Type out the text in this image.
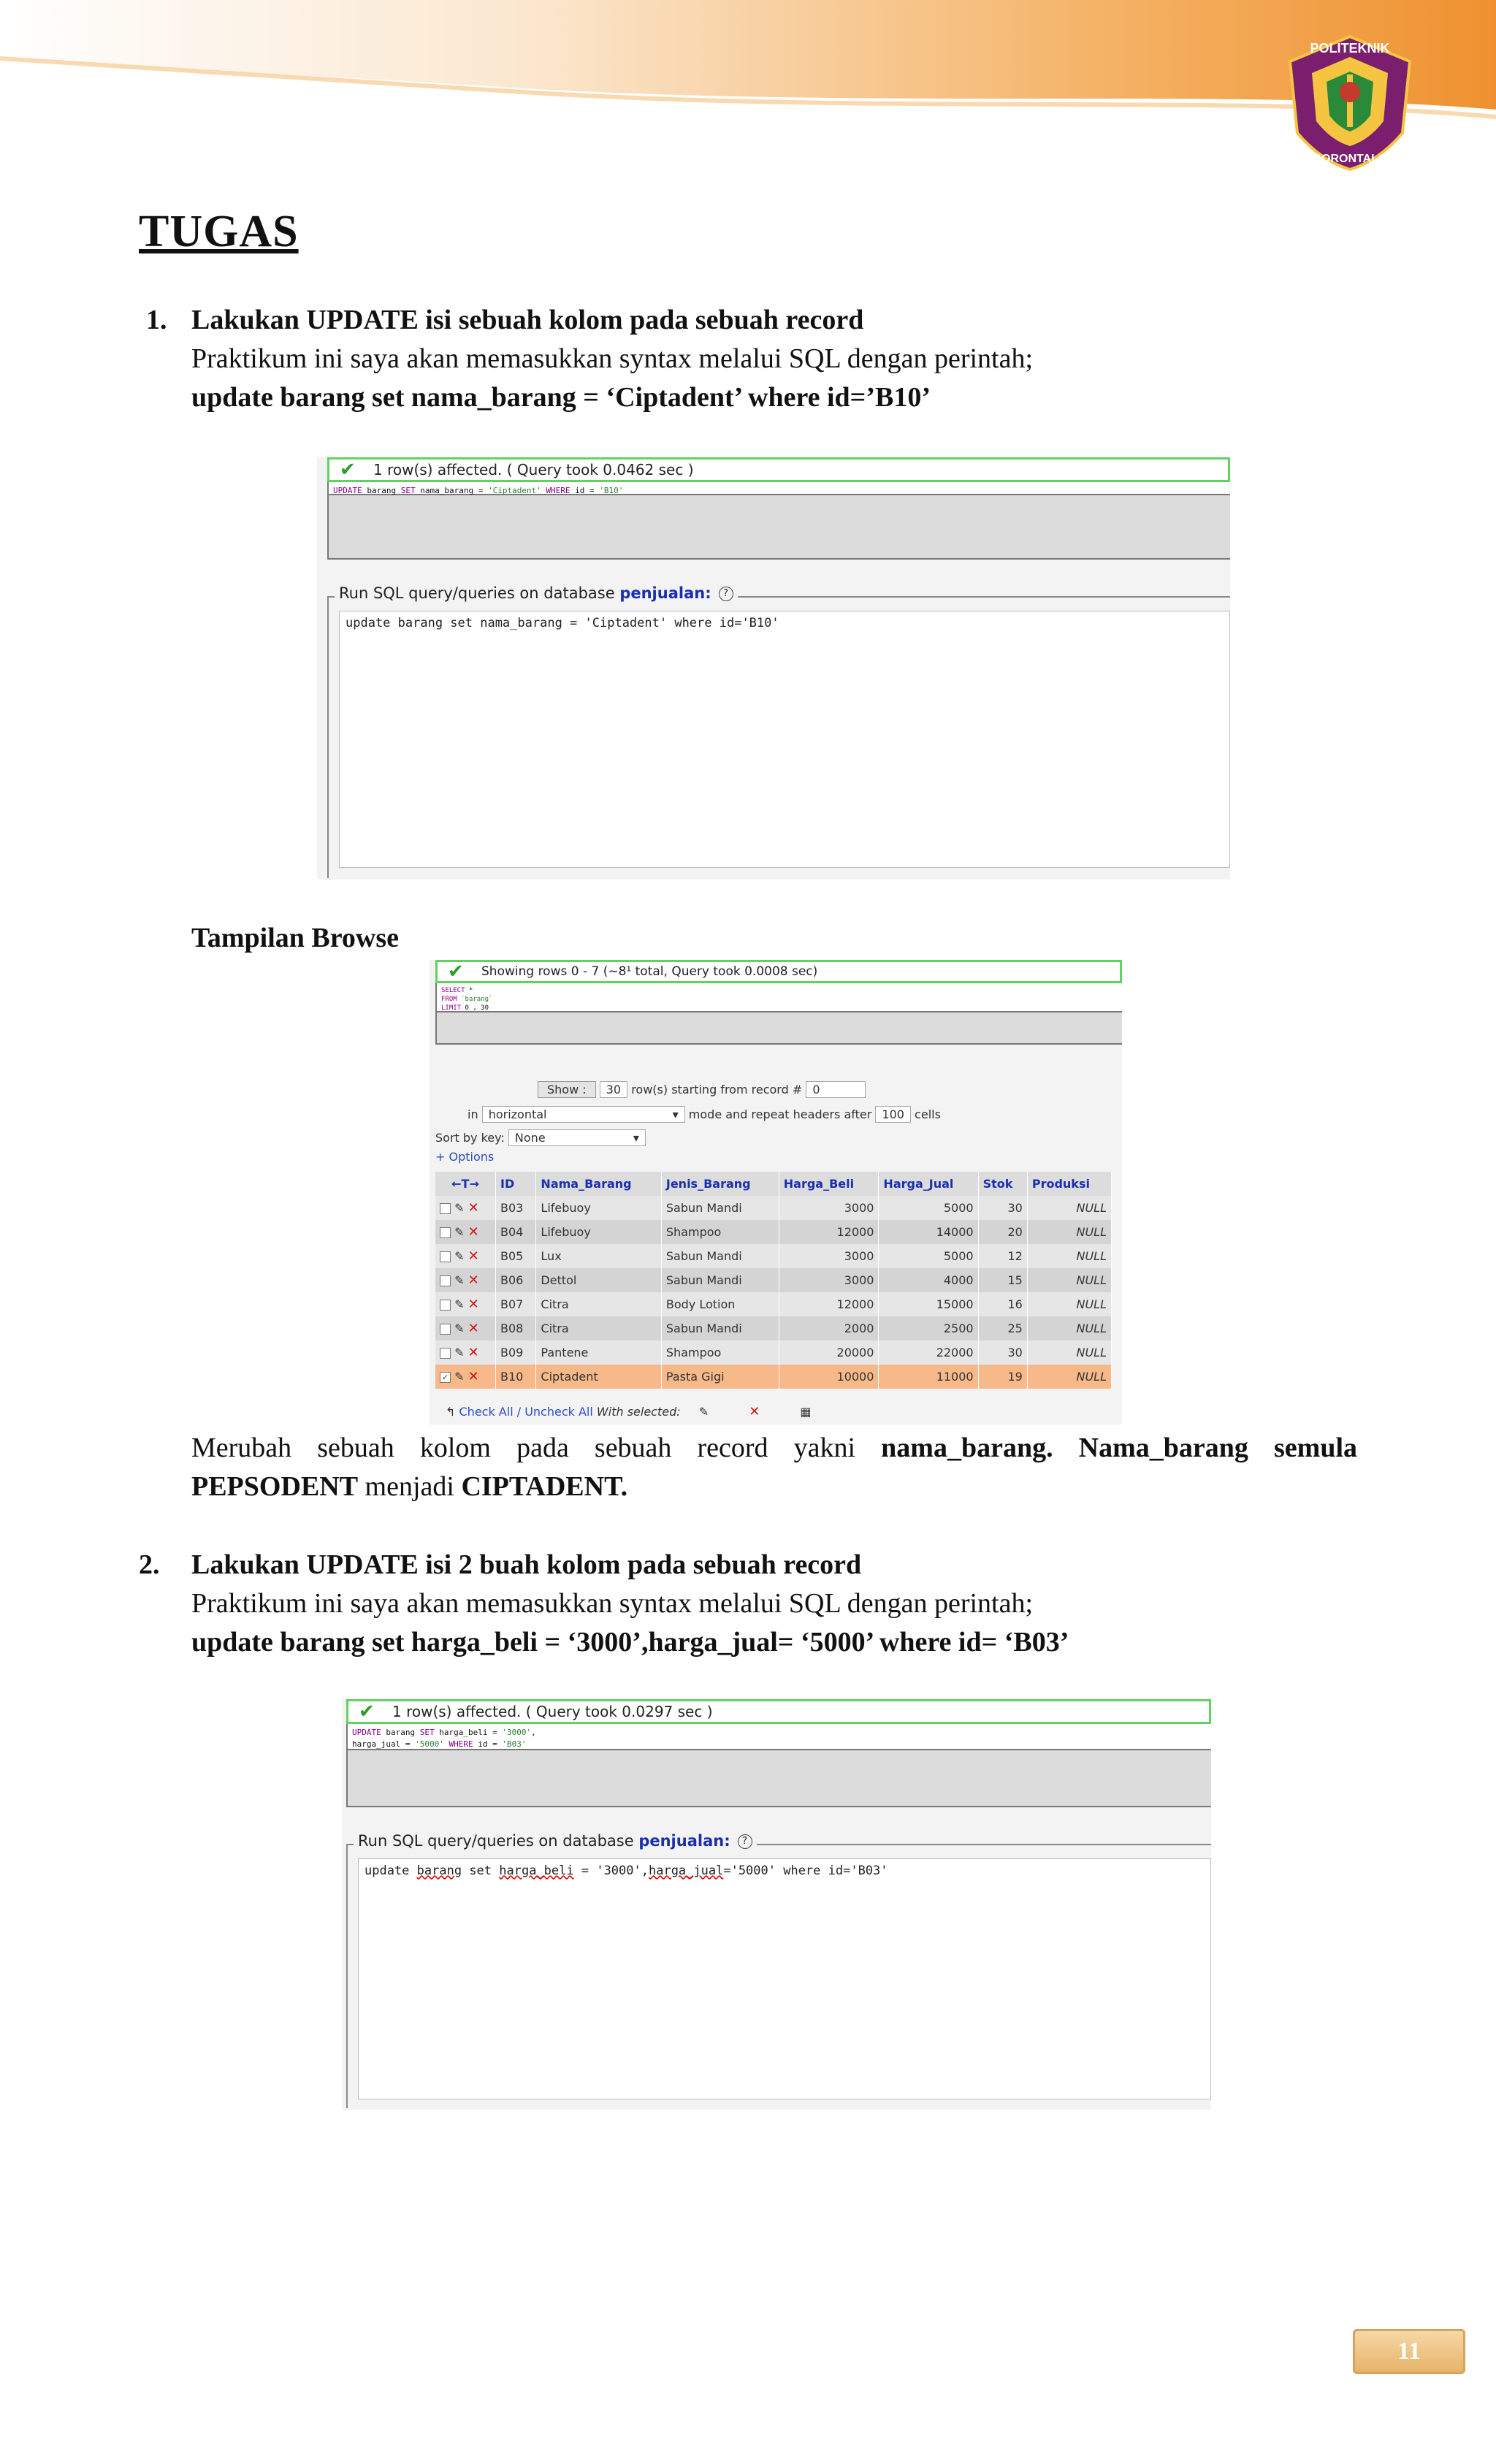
POLITEKNIK
GORONTALO
TUGAS
1. Lakukan UPDATE isi sebuah kolom pada sebuah record
Praktikum ini saya akan memasukkan syntax melalui SQL dengan perintah;
update barang set nama_barang = ‘Ciptadent’ where id=’B10’
✔ 1 row(s) affected. ( Query took 0.0462 sec )
UPDATE barang SET nama_barang = 'Ciptadent' WHERE id = 'B10'
Run SQL query/queries on database penjualan: ?
update barang set nama_barang = 'Ciptadent' where id='B10'
Tampilan Browse
✔ Showing rows 0 - 7 (~8¹ total, Query took 0.0008 sec)
SELECT *
FROM `barang`
LIMIT 0 , 30
Show : 30 row(s) starting from record # 0
in horizontal	▾ mode and repeat headers after 100 cells
Sort by key: None	▾
+ Options
←T→	ID	Nama_Barang	Jenis_Barang	Harga_Beli	Harga_Jual	Stok	Produksi
✎ ✕	B03	Lifebuoy	Sabun Mandi	3000	5000	30	NULL
✎ ✕	B04	Lifebuoy	Shampoo	12000	14000	20	NULL
✎ ✕	B05	Lux	Sabun Mandi	3000	5000	12	NULL
✎ ✕	B06	Dettol	Sabun Mandi	3000	4000	15	NULL
✎ ✕	B07	Citra	Body Lotion	12000	15000	16	NULL
✎ ✕	B08	Citra	Sabun Mandi	2000	2500	25	NULL
✎ ✕	B09	Pantene	Shampoo	20000	22000	30	NULL
✓ ✎ ✕	B10	Ciptadent	Pasta Gigi	10000	11000	19	NULL
↰ Check All / Uncheck All With selected: ✎	✕	▦
Merubah sebuah kolom pada sebuah record yakni nama_barang. Nama_barang semula
PEPSODENT menjadi CIPTADENT.
2. Lakukan UPDATE isi 2 buah kolom pada sebuah record
Praktikum ini saya akan memasukkan syntax melalui SQL dengan perintah;
update barang set harga_beli = ‘3000’,harga_jual= ‘5000’ where id= ‘B03’
✔ 1 row(s) affected. ( Query took 0.0297 sec )
UPDATE barang SET harga_beli = '3000',
harga_jual = '5000' WHERE id = 'B03'
Run SQL query/queries on database penjualan: ?
update barang set harga_beli = '3000',harga_jual='5000' where id='B03'
11
